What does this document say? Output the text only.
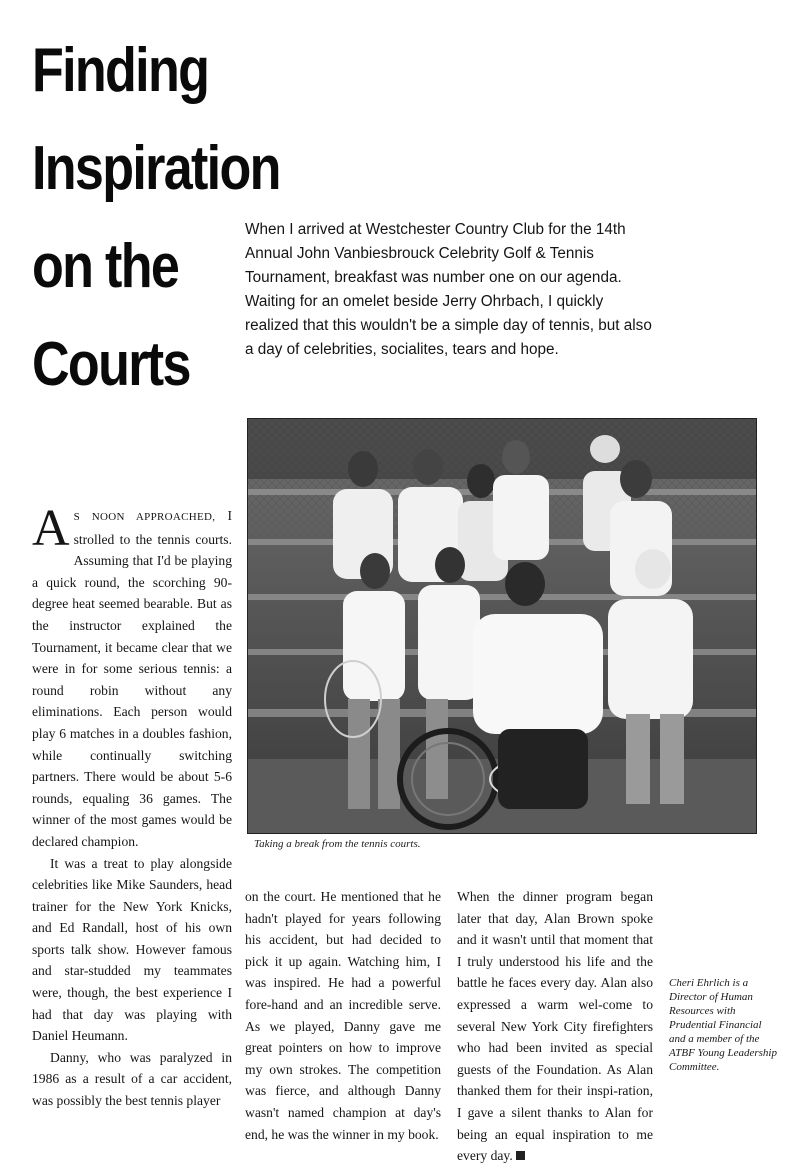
Finding
Inspiration
on the
Courts
When I arrived at Westchester Country Club for the 14th Annual John Vanbiesbrouck Celebrity Golf & Tennis Tournament, breakfast was number one on our agenda. Waiting for an omelet beside Jerry Ohrbach, I quickly realized that this wouldn't be a simple day of tennis, but also a day of celebrities, socialites, tears and hope.
Taking a break from the tennis courts.

A S NOON APPROACHED, I strolled to the tennis courts. Assuming that I'd be playing a quick round, the scorching 90-degree heat seemed bearable. But as the instructor explained the Tournament, it became clear that we were in for some serious tennis: a round robin without any eliminations. Each person would play 6 matches in a doubles fashion, while continually switching partners. There would be about 5-6 rounds, equaling 36 games. The winner of the most games would be declared champion.

It was a treat to play alongside celebrities like Mike Saunders, head trainer for the New York Knicks, and Ed Randall, host of his own sports talk show. However famous and star-studded my teammates were, though, the best experience I had that day was playing with Daniel Heumann.

Danny, who was paralyzed in 1986 as a result of a car accident, was possibly the best tennis player

on the court. He mentioned that he hadn't played for years following his accident, but had decided to pick it up again. Watching him, I was inspired. He had a powerful fore-hand and an incredible serve. As we played, Danny gave me great pointers on how to improve my own strokes. The competition was fierce, and although Danny wasn't named champion at day's end, he was the winner in my book.

Cheri Ehrlich is a Director of Human Resources with Prudential Financial and a member of the ATBF Young Leadership Committee.

When the dinner program began later that day, Alan Brown spoke and it wasn't until that moment that I truly understood his life and the battle he faces every day. Alan also expressed a warm wel-come to several New York City firefighters who had been invited as special guests of the Foundation. As Alan thanked them for their inspi-ration, I gave a silent thanks to Alan for being an equal inspiration to me every day.
